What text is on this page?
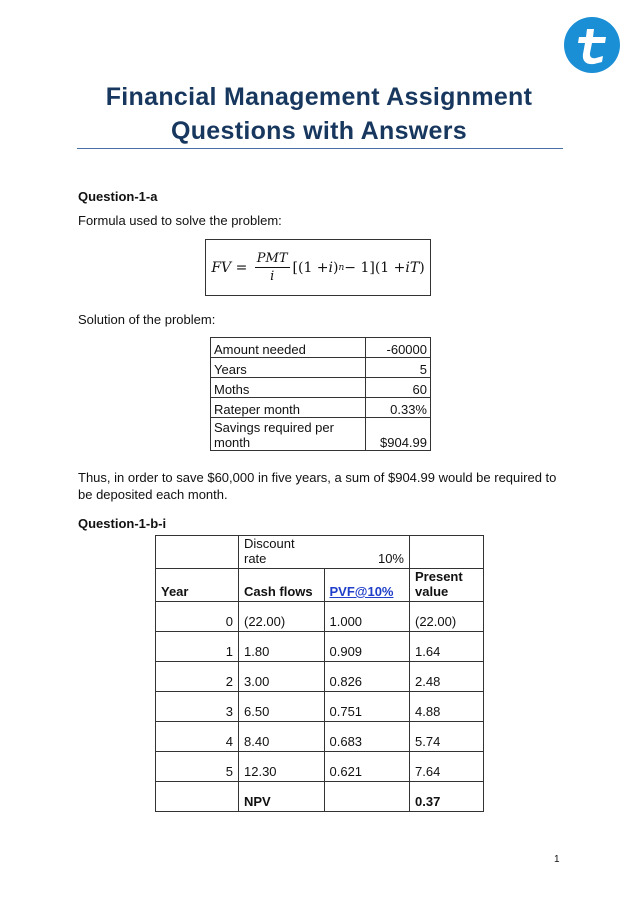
Financial Management Assignment
Questions with Answers
Question-1-a
Formula used to solve the problem:
FV = $\frac{\text{PMT}}{i} [(1 + i$ ) n − 1](1 + iT )
Solution of the problem:
Amount needed	-60000
Years	5
Moths	60
Rateper month	0.33%
Savings required per month	$904.99
Thus, in order to save $60,000 in five years, a sum of $904.99 would be required to be deposited each month.
Question-1-b-i
	Discount rate	10%	
Year	Cash flows	PVF@10%	Present value
0	(22.00)	1.000	(22.00)
1	1.80	0.909	1.64
2	3.00	0.826	2.48
3	6.50	0.751	4.88
4	8.40	0.683	5.74
5	12.30	0.621	7.64
	NPV		0.37
1
